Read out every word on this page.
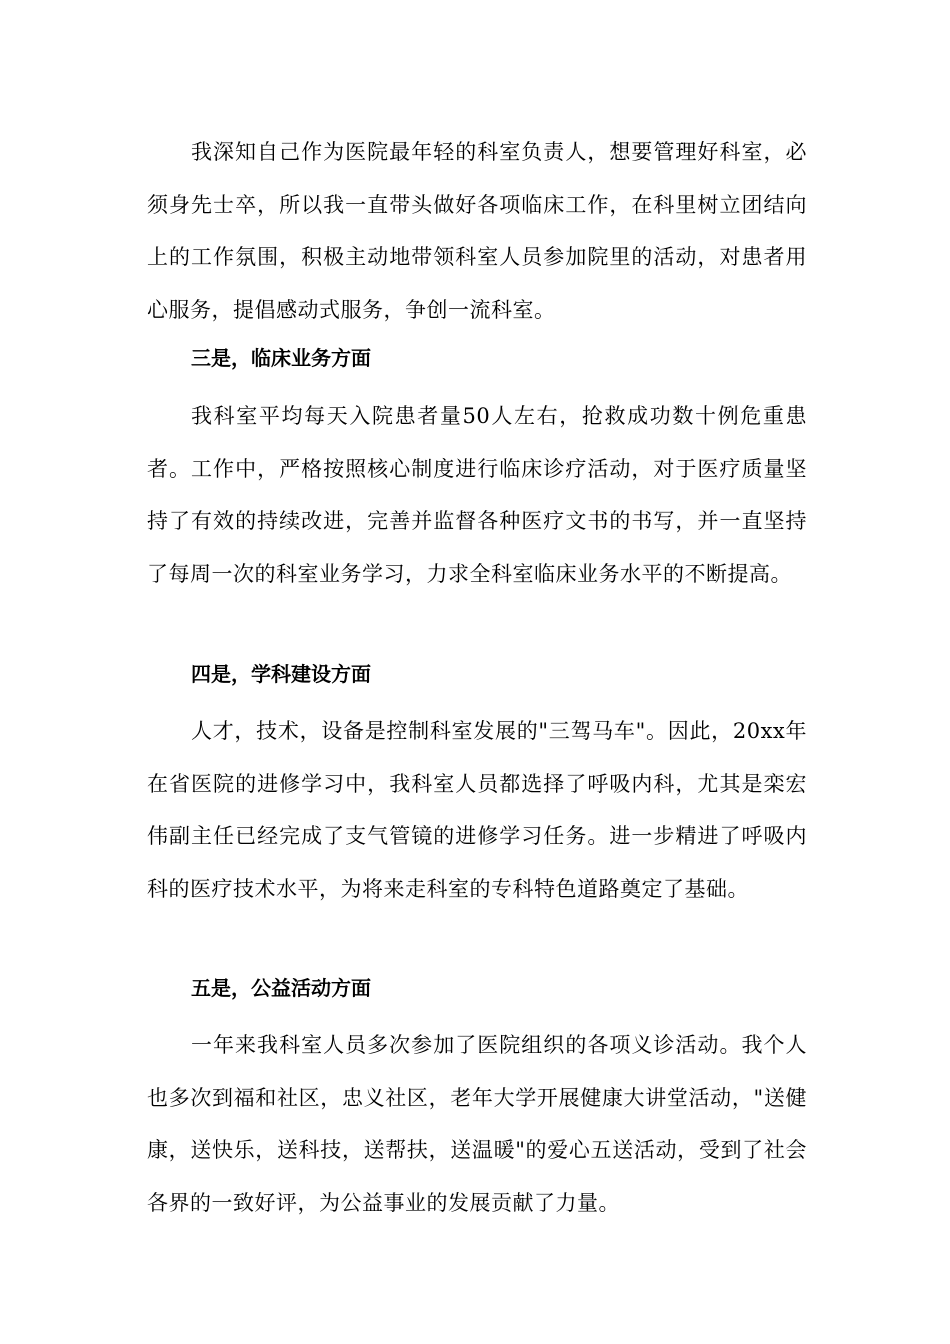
我深知自己作为医院最年轻的科室负责人，想要管理好科室，必须身先士卒，所以我一直带头做好各项临床工作，在科里树立团结向上的工作氛围，积极主动地带领科室人员参加院里的活动，对患者用心服务，提倡感动式服务，争创一流科室。

三是，临床业务方面

我科室平均每天入院患者量50人左右，抢救成功数十例危重患者。工作中，严格按照核心制度进行临床诊疗活动，对于医疗质量坚持了有效的持续改进，完善并监督各种医疗文书的书写，并一直坚持了每周一次的科室业务学习，力求全科室临床业务水平的不断提高。

四是，学科建设方面

人才，技术，设备是控制科室发展的"三驾马车"。因此，20xx年在省医院的进修学习中，我科室人员都选择了呼吸内科，尤其是栾宏伟副主任已经完成了支气管镜的进修学习任务。进一步精进了呼吸内科的医疗技术水平，为将来走科室的专科特色道路奠定了基础。

五是，公益活动方面

一年来我科室人员多次参加了医院组织的各项义诊活动。我个人也多次到福和社区，忠义社区，老年大学开展健康大讲堂活动，"送健康，送快乐，送科技，送帮扶，送温暖"的爱心五送活动，受到了社会各界的一致好评，为公益事业的发展贡献了力量。
